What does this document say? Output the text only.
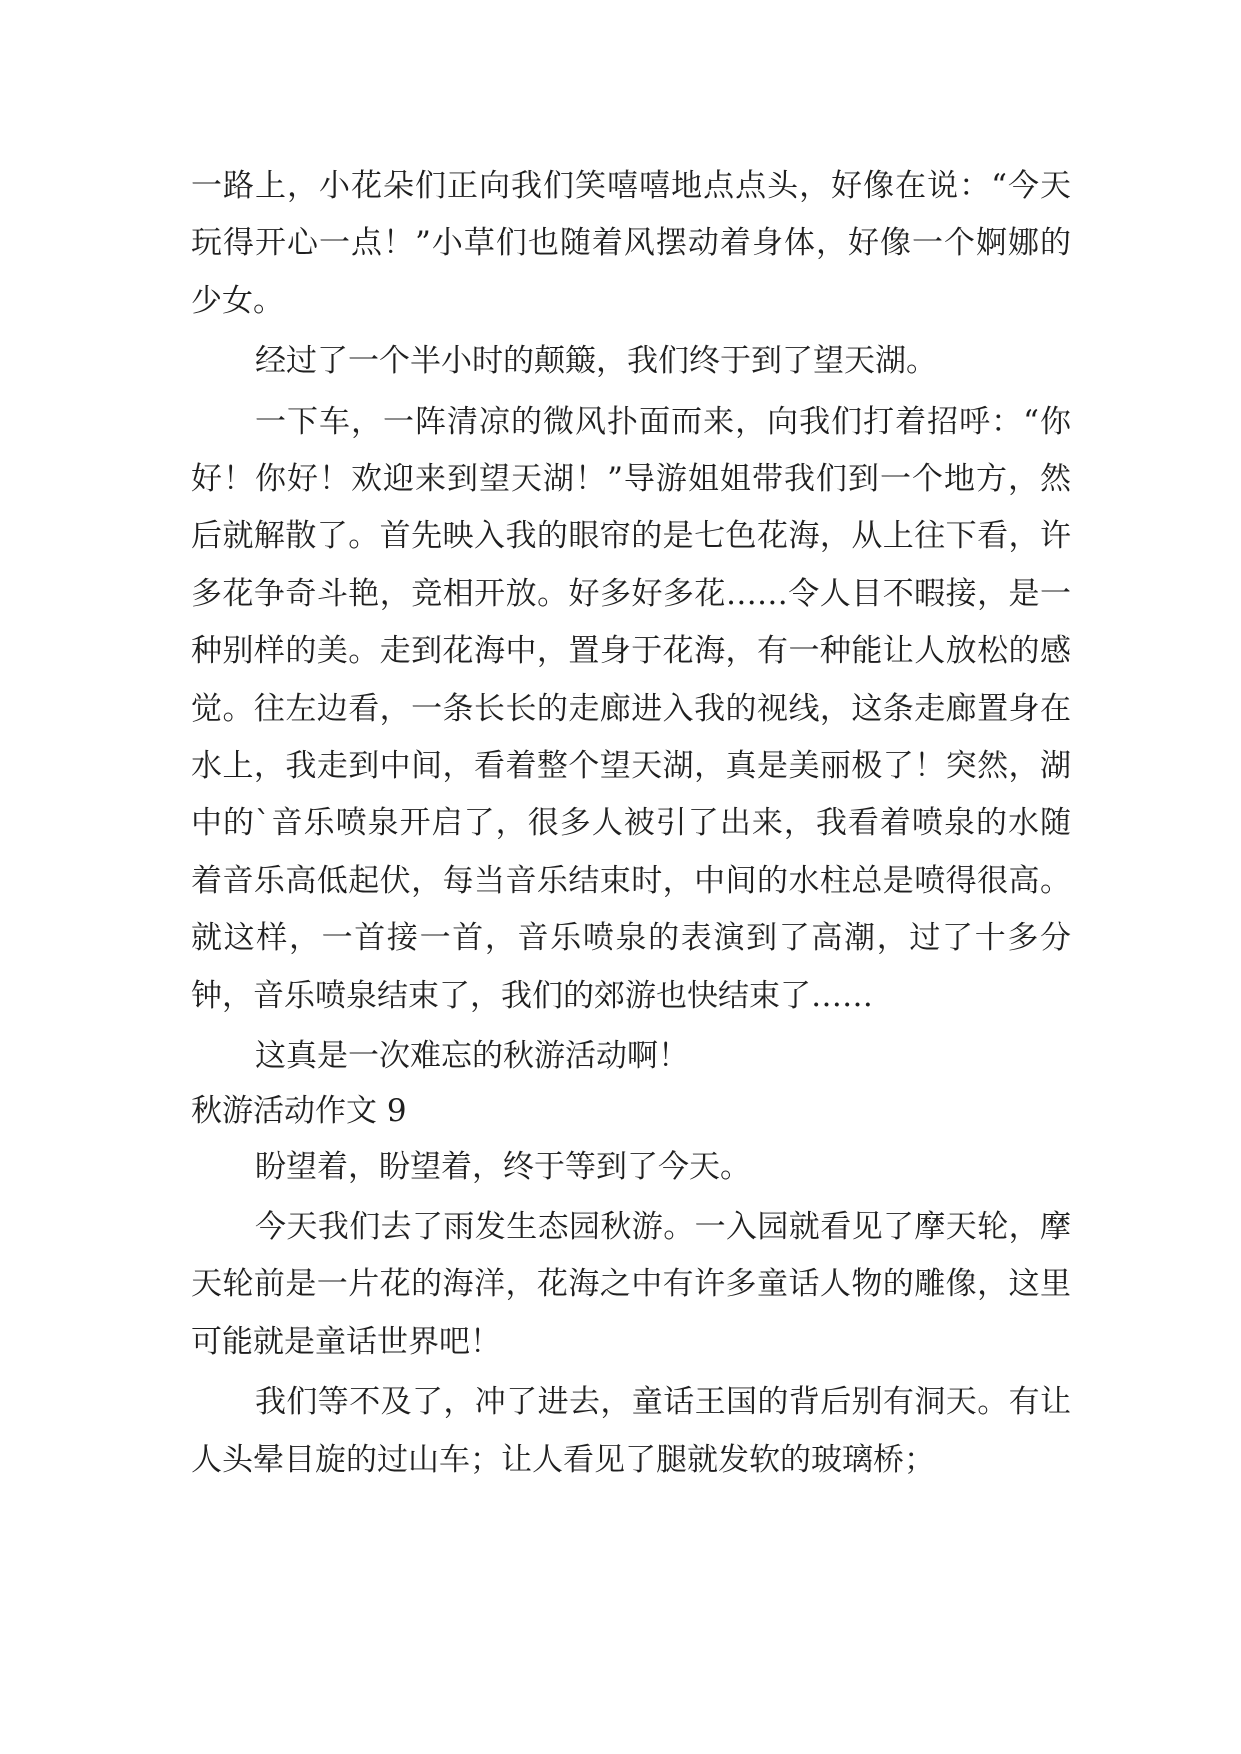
一路上，小花朵们正向我们笑嘻嘻地点点头，好像在说：“今天玩得开心一点！”小草们也随着风摆动着身体，好像一个婀娜的少女。

经过了一个半小时的颠簸，我们终于到了望天湖。

一下车，一阵清凉的微风扑面而来，向我们打着招呼：“你好！你好！欢迎来到望天湖！”导游姐姐带我们到一个地方，然后就解散了。首先映入我的眼帘的是七色花海，从上往下看，许多花争奇斗艳，竞相开放。好多好多花……令人目不暇接，是一种别样的美。走到花海中，置身于花海，有一种能让人放松的感觉。往左边看，一条长长的走廊进入我的视线，这条走廊置身在水上，我走到中间，看着整个望天湖，真是美丽极了！突然，湖中的`音乐喷泉开启了，很多人被引了出来，我看着喷泉的水随着音乐高低起伏，每当音乐结束时，中间的水柱总是喷得很高。就这样，一首接一首，音乐喷泉的表演到了高潮，过了十多分钟，音乐喷泉结束了，我们的郊游也快结束了……

这真是一次难忘的秋游活动啊！

秋游活动作文 9

盼望着，盼望着，终于等到了今天。

今天我们去了雨发生态园秋游。一入园就看见了摩天轮，摩天轮前是一片花的海洋，花海之中有许多童话人物的雕像，这里可能就是童话世界吧！

我们等不及了，冲了进去，童话王国的背后别有洞天。有让人头晕目旋的过山车；让人看见了腿就发软的玻璃桥；
